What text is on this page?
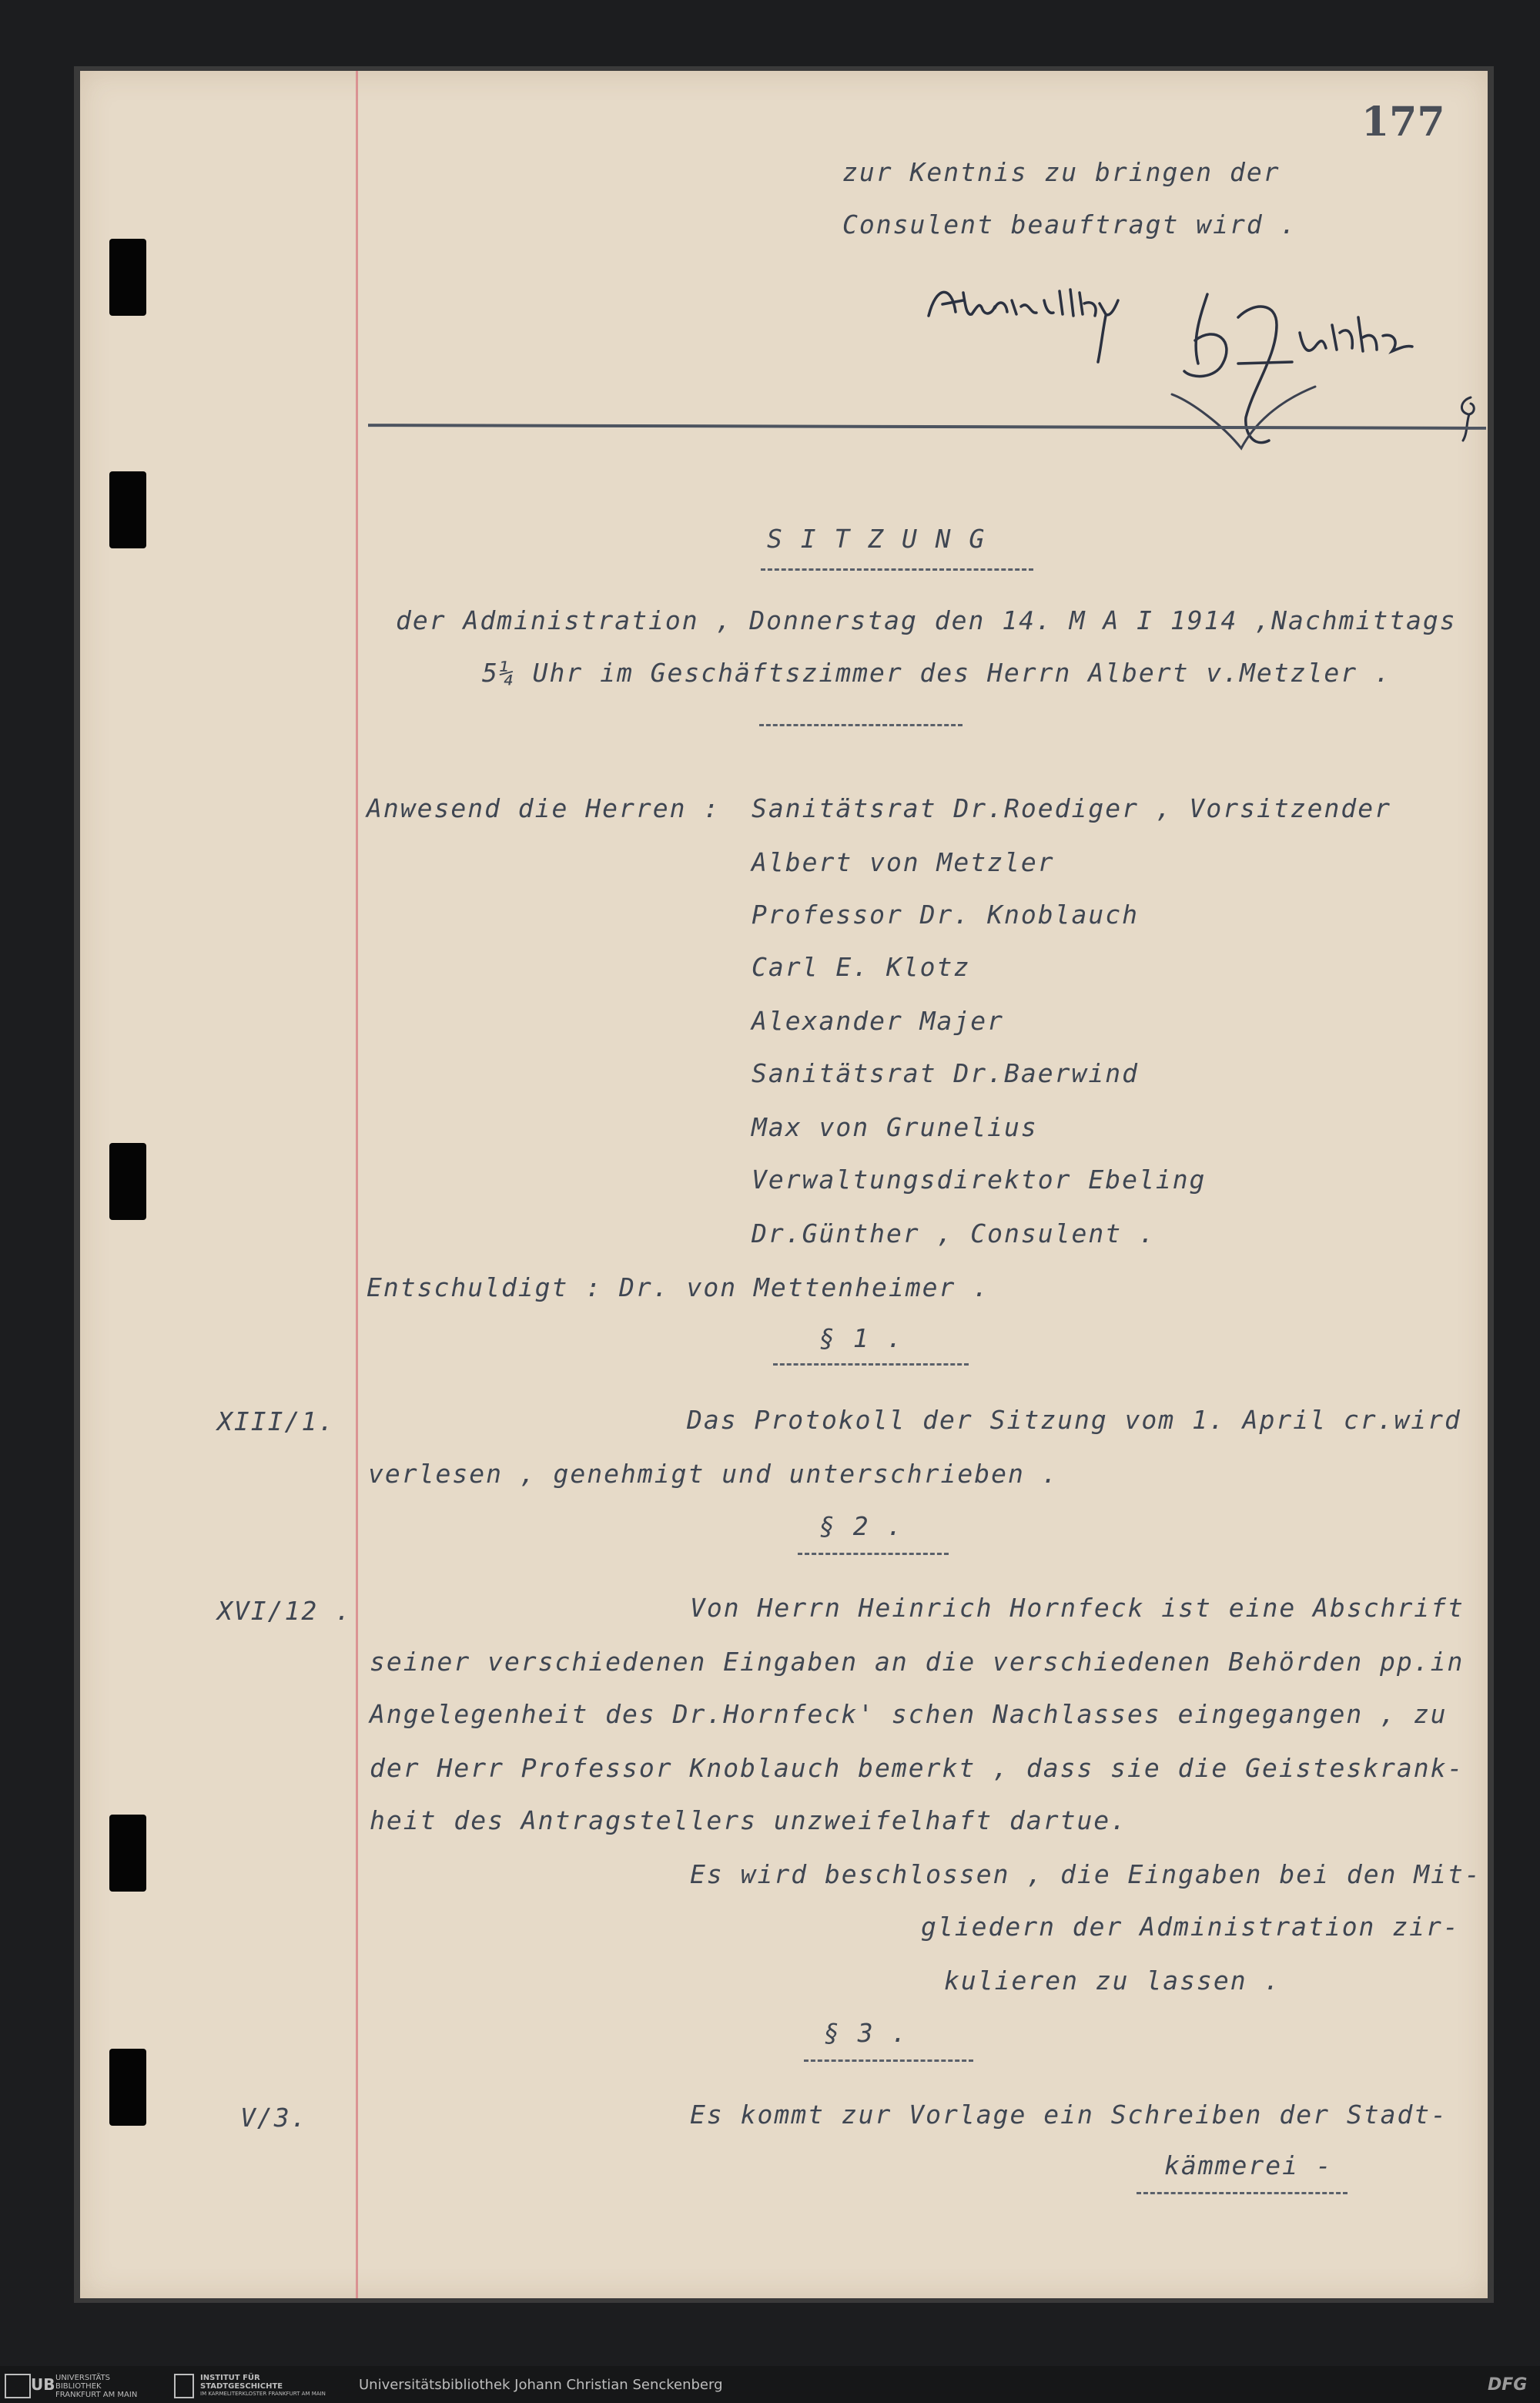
177
zur Kentnis zu bringen der
Consulent beauftragt wird .
S I T Z U N G
der Administration , Donnerstag den 14. M A I 1914 ,Nachmittags
5¼ Uhr im Geschäftszimmer des Herrn Albert v.Metzler .
Anwesend die Herren : Sanitätsrat Dr.Roediger , Vorsitzender
Albert von Metzler
Professor Dr. Knoblauch
Carl E. Klotz
Alexander Majer
Sanitätsrat Dr.Baerwind
Max von Grunelius
Verwaltungsdirektor Ebeling
Dr.Günther , Consulent .
Entschuldigt : Dr. von Mettenheimer .
§ 1 .
XIII/1.	Das Protokoll der Sitzung vom 1. April cr.wird
verlesen , genehmigt und unterschrieben .
§ 2 .
XVI/12 .	Von Herrn Heinrich Hornfeck ist eine Abschrift
seiner verschiedenen Eingaben an die verschiedenen Behörden pp.in
Angelegenheit des Dr.Hornfeck' schen Nachlasses eingegangen , zu
der Herr Professor Knoblauch bemerkt , dass sie die Geisteskrank-
heit des Antragstellers unzweifelhaft dartue.
Es wird beschlossen , die Eingaben bei den Mit-
gliedern der Administration zir-
kulieren zu lassen .
§ 3 .
V/3.	Es kommt zur Vorlage ein Schreiben der Stadt-
kämmerei -
UB UNIVERSITÄTS
BIBLIOTHEK
FRANKFURT AM MAIN
INSTITUT FÜR
STADTGESCHICHTE
IM KARMELITERKLOSTER FRANKFURT AM MAIN
Universitätsbibliothek Johann Christian Senckenberg	DFG
